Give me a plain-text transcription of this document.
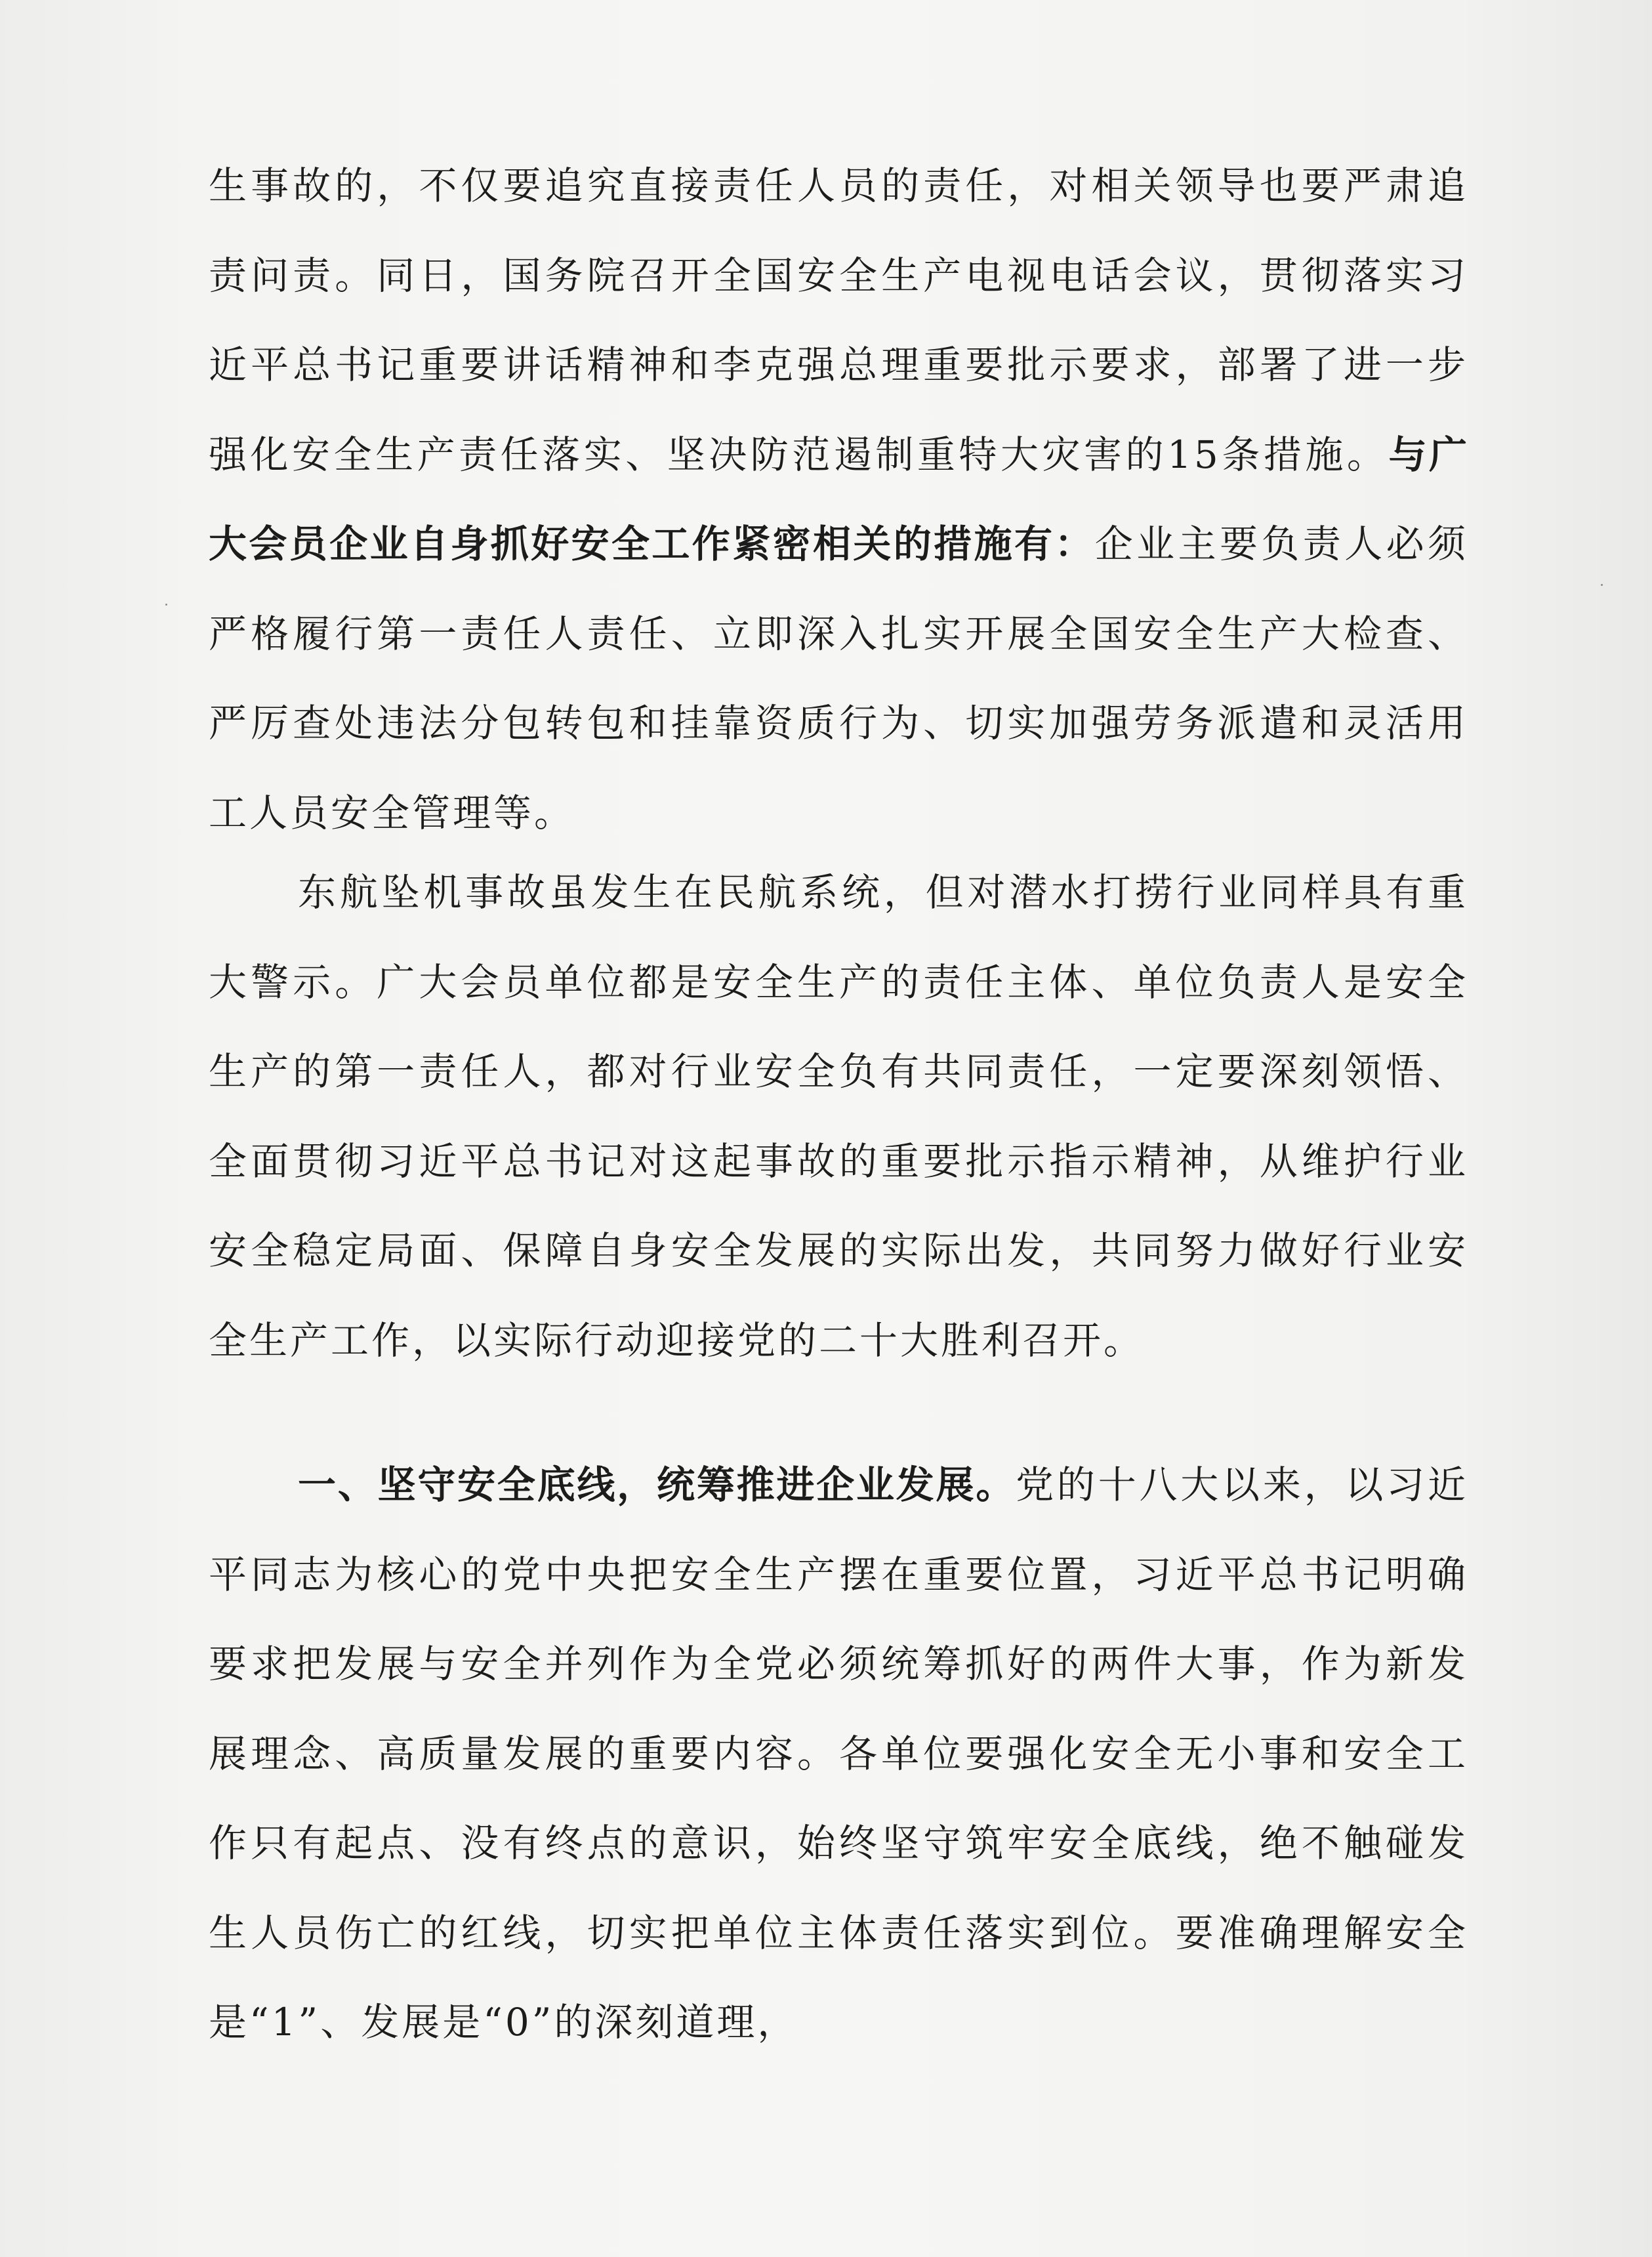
生事故的，不仅要追究直接责任人员的责任，对相关领导也要严肃追责问责。同日，国务院召开全国安全生产电视电话会议，贯彻落实习近平总书记重要讲话精神和李克强总理重要批示要求，部署了进一步强化安全生产责任落实、坚决防范遏制重特大灾害的15条措施。与广大会员企业自身抓好安全工作紧密相关的措施有：企业主要负责人必须严格履行第一责任人责任、立即深入扎实开展全国安全生产大检查、严厉查处违法分包转包和挂靠资质行为、切实加强劳务派遣和灵活用工人员安全管理等。

东航坠机事故虽发生在民航系统，但对潜水打捞行业同样具有重大警示。广大会员单位都是安全生产的责任主体、单位负责人是安全生产的第一责任人，都对行业安全负有共同责任，一定要深刻领悟、全面贯彻习近平总书记对这起事故的重要批示指示精神，从维护行业安全稳定局面、保障自身安全发展的实际出发，共同努力做好行业安全生产工作，以实际行动迎接党的二十大胜利召开。

一、坚守安全底线，统筹推进企业发展。党的十八大以来，以习近平同志为核心的党中央把安全生产摆在重要位置，习近平总书记明确要求把发展与安全并列作为全党必须统筹抓好的两件大事，作为新发展理念、高质量发展的重要内容。各单位要强化安全无小事和安全工作只有起点、没有终点的意识，始终坚守筑牢安全底线，绝不触碰发生人员伤亡的红线，切实把单位主体责任落实到位。要准确理解安全是“1”、发展是“0”的深刻道理，
